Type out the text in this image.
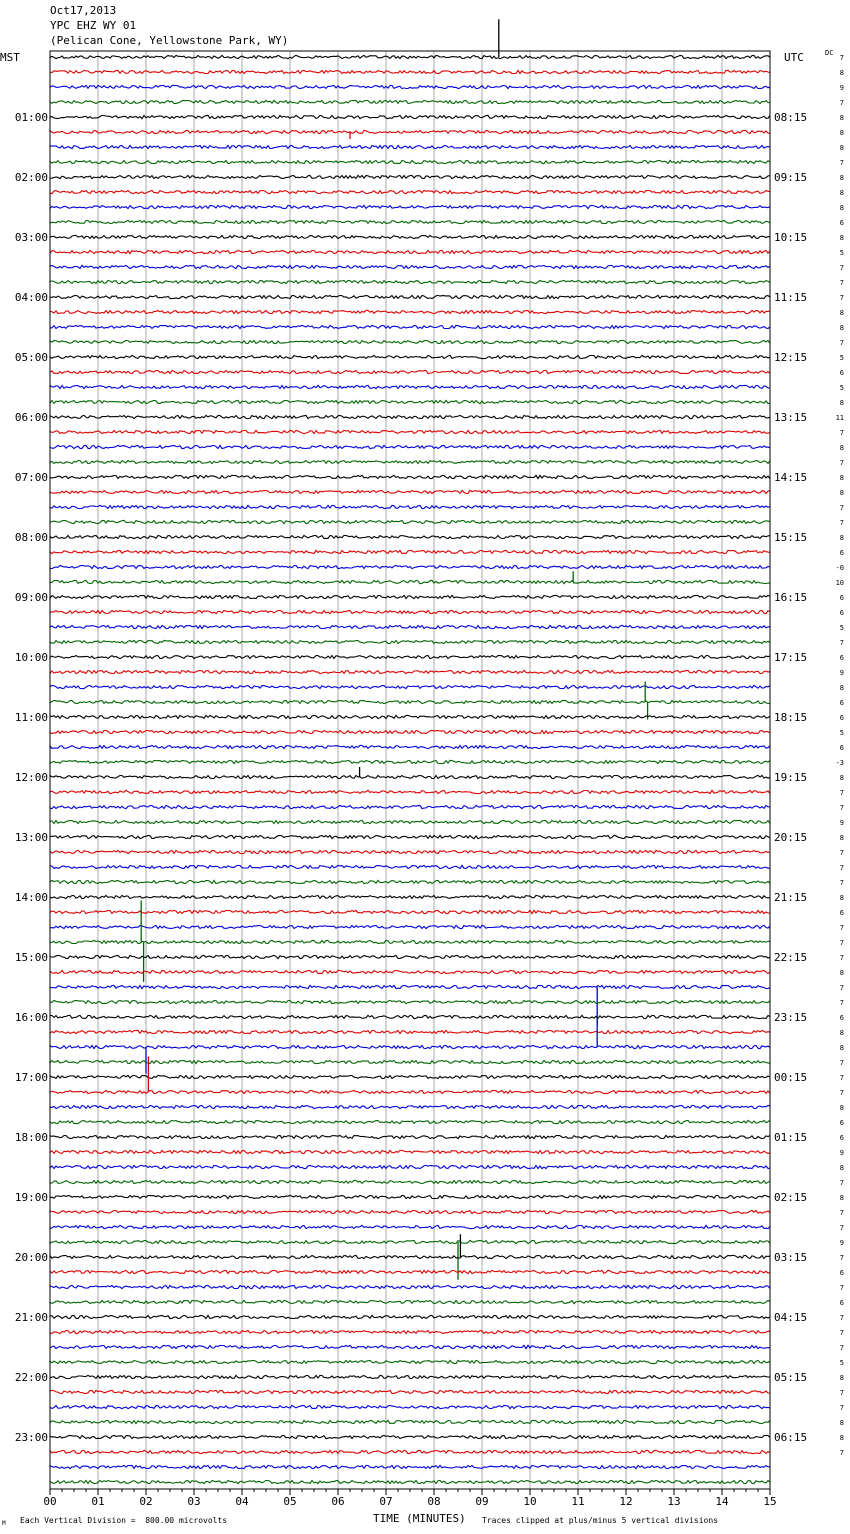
00	01	02	03	04	05	06	07	08	09	10	11	12	13	14	15
01:00
02:00
03:00
04:00
05:00
06:00
07:00
08:00
09:00
10:00
11:00
12:00
13:00
14:00
15:00
16:00
17:00
18:00
19:00
20:00
21:00
22:00
23:00
08:15
09:15
10:15
11:15
12:15
13:15
14:15
15:15
16:15
17:15
18:15
19:15
20:15
21:15
22:15
23:15
00:15
01:15
02:15
03:15
04:15
05:15
06:15
7
8
9
7
8
8
8
7
8
8
8
6
8
5
7
7
7
8
8
7
5
6
5
8
11
7
8
7
8
8
7
7
8
6
-0
10
6
6
5
7
6
9
8
6
6
5
6
-3
8
7
7
9
8
7
7
7
8
6
7
7
7
8
7
7
6
8
8
7
7
7
8
6
6
9
8
7
8
7
7
9
7
6
7
6
7
7
7
5
8
7
7
8
8
7
Oct17,2013
YPC EHZ WY 01
(Pelican Cone, Yellowstone Park, WY)
MST	UTC	DC
M Each Vertical Division =  800.00 microvolts	TIME (MINUTES) Traces clipped at plus/minus 5 vertical divisions
